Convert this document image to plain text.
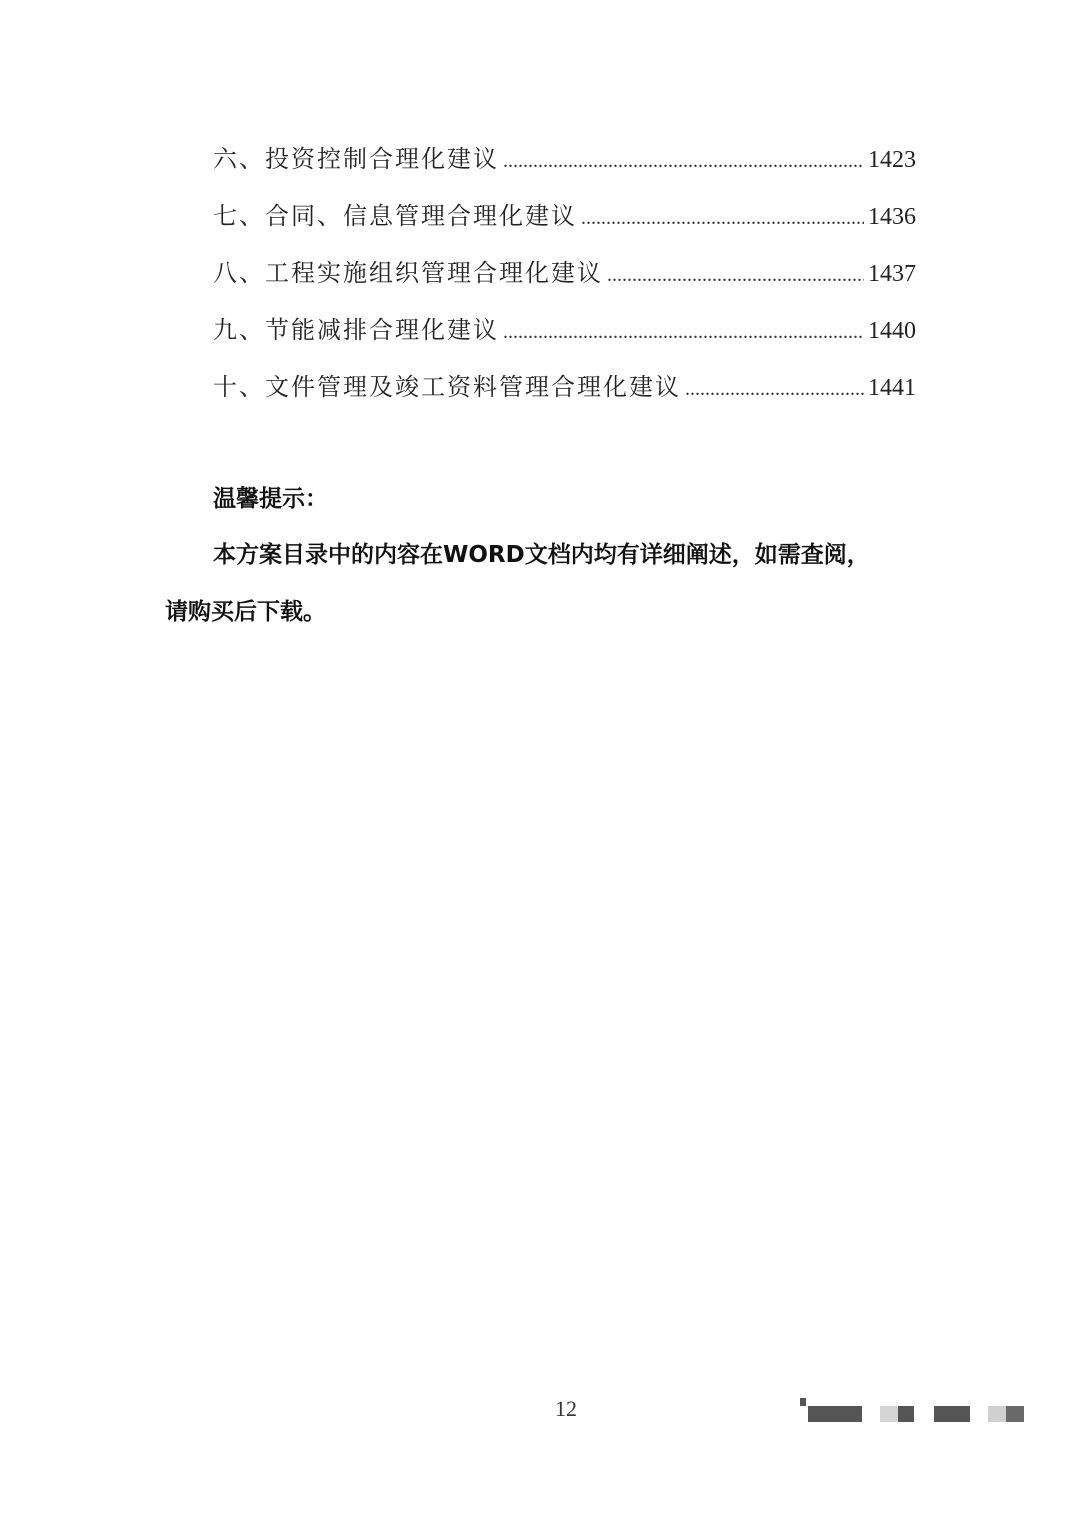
六、投资控制合理化建议 .....	1423
七、合同、信息管理合理化建议 .....	1436
八、工程实施组织管理合理化建议 .....	1437
九、节能减排合理化建议 .....	1440
十、文件管理及竣工资料管理合理化建议 .....	1441
温馨提示：
本方案目录中的内容在WORD文档内均有详细阐述，如需查阅，
请购买后下载。
12
